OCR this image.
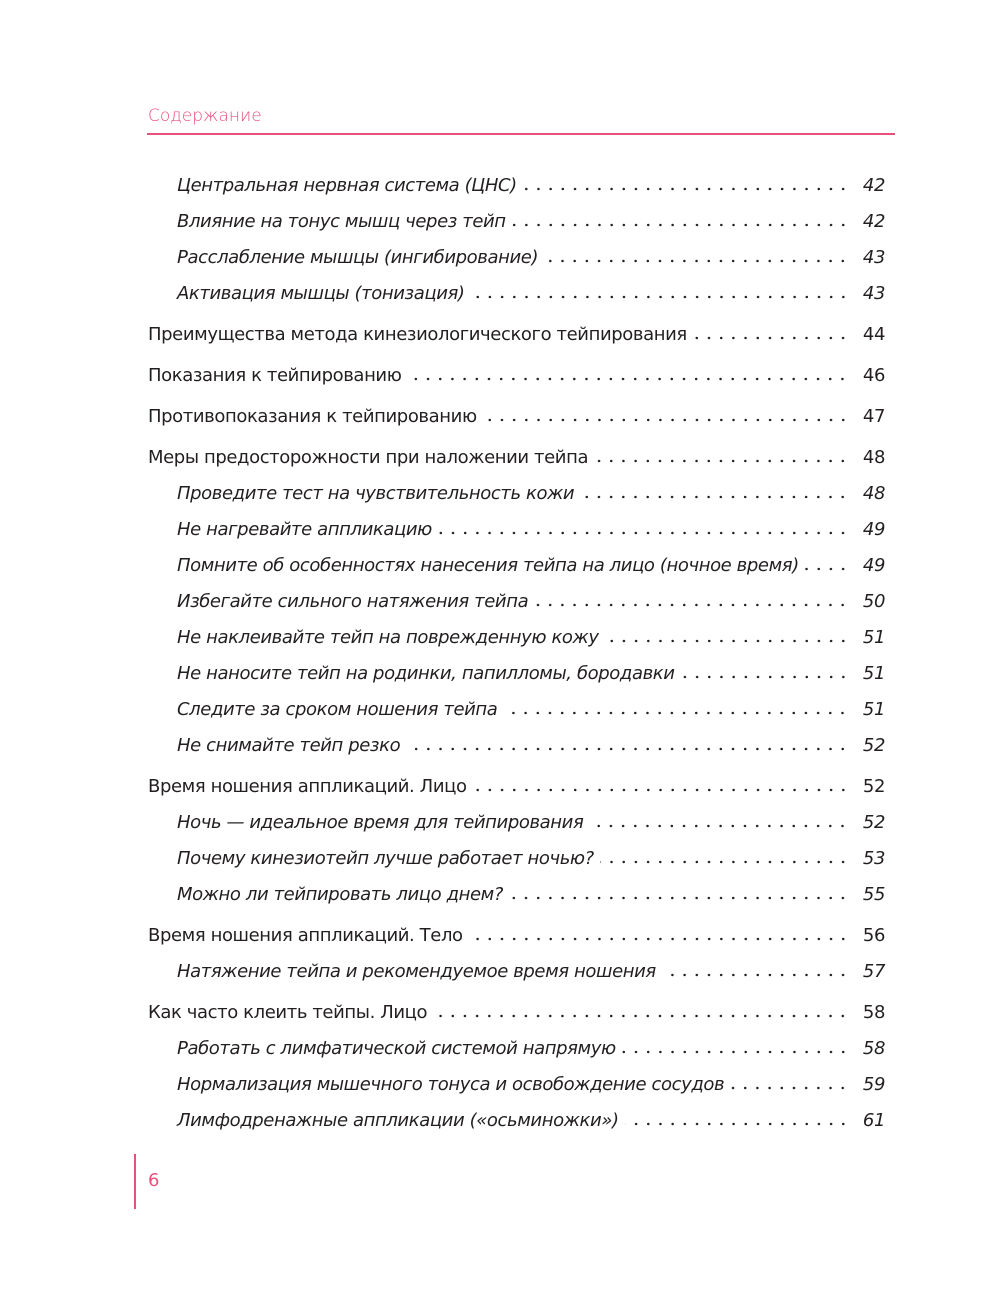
Содержание
Центральная нервная система (ЦНС)	42
Влияние на тонус мышц через тейп	42
Расслабление мышцы (ингибирование)	43
Активация мышцы (тонизация)	43
Преимущества метода кинезиологического тейпирования	44
Показания к тейпированию	46
Противопоказания к тейпированию	47
Меры предосторожности при наложении тейпа	48
Проведите тест на чувствительность кожи	48
Не нагревайте аппликацию	49
Помните об особенностях нанесения тейпа на лицо (ночное время)	49
Избегайте сильного натяжения тейпа	50
Не наклеивайте тейп на поврежденную кожу	51
Не наносите тейп на родинки, папилломы, бородавки	51
Следите за сроком ношения тейпа	51
Не снимайте тейп резко	52
Время ношения аппликаций. Лицо	52
Ночь — идеальное время для тейпирования	52
Почему кинезиотейп лучше работает ночью?	53
Можно ли тейпировать лицо днем?	55
Время ношения аппликаций. Тело	56
Натяжение тейпа и рекомендуемое время ношения	57
Как часто клеить тейпы. Лицо	58
Работать с лимфатической системой напрямую	58
Нормализация мышечного тонуса и освобождение сосудов	59
Лимфодренажные аппликации («осьминожки»)	61
6
